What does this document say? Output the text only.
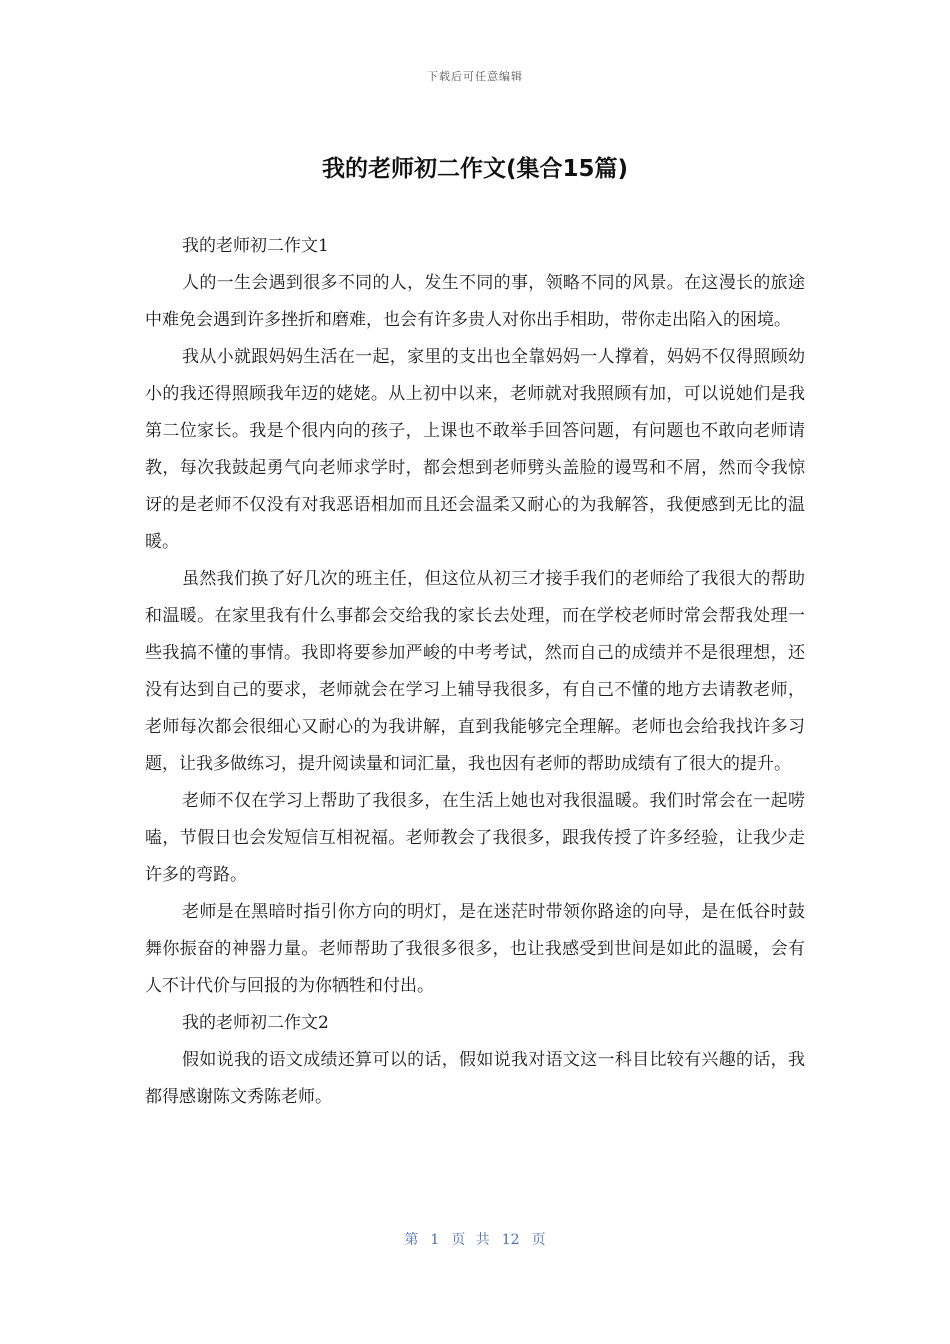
下载后可任意编辑
我的老师初二作文(集合15篇)

我的老师初二作文1

人的一生会遇到很多不同的人，发生不同的事，领略不同的风景。在这漫长的旅途中难免会遇到许多挫折和磨难，也会有许多贵人对你出手相助，带你走出陷入的困境。

我从小就跟妈妈生活在一起，家里的支出也全靠妈妈一人撑着，妈妈不仅得照顾幼小的我还得照顾我年迈的姥姥。从上初中以来，老师就对我照顾有加，可以说她们是我第二位家长。我是个很内向的孩子，上课也不敢举手回答问题，有问题也不敢向老师请教，每次我鼓起勇气向老师求学时，都会想到老师劈头盖脸的谩骂和不屑，然而令我惊讶的是老师不仅没有对我恶语相加而且还会温柔又耐心的为我解答，我便感到无比的温暖。

虽然我们换了好几次的班主任，但这位从初三才接手我们的老师给了我很大的帮助和温暖。在家里我有什么事都会交给我的家长去处理，而在学校老师时常会帮我处理一些我搞不懂的事情。我即将要参加严峻的中考考试，然而自己的成绩并不是很理想，还没有达到自己的要求，老师就会在学习上辅导我很多，有自己不懂的地方去请教老师，老师每次都会很细心又耐心的为我讲解，直到我能够完全理解。老师也会给我找许多习题，让我多做练习，提升阅读量和词汇量，我也因有老师的帮助成绩有了很大的提升。

老师不仅在学习上帮助了我很多，在生活上她也对我很温暖。我们时常会在一起唠嗑，节假日也会发短信互相祝福。老师教会了我很多，跟我传授了许多经验，让我少走许多的弯路。

老师是在黑暗时指引你方向的明灯，是在迷茫时带领你路途的向导，是在低谷时鼓舞你振奋的神器力量。老师帮助了我很多很多，也让我感受到世间是如此的温暖，会有人不计代价与回报的为你牺牲和付出。

我的老师初二作文2

假如说我的语文成绩还算可以的话，假如说我对语文这一科目比较有兴趣的话，我都得感谢陈文秀陈老师。

第 1 页 共 12 页
